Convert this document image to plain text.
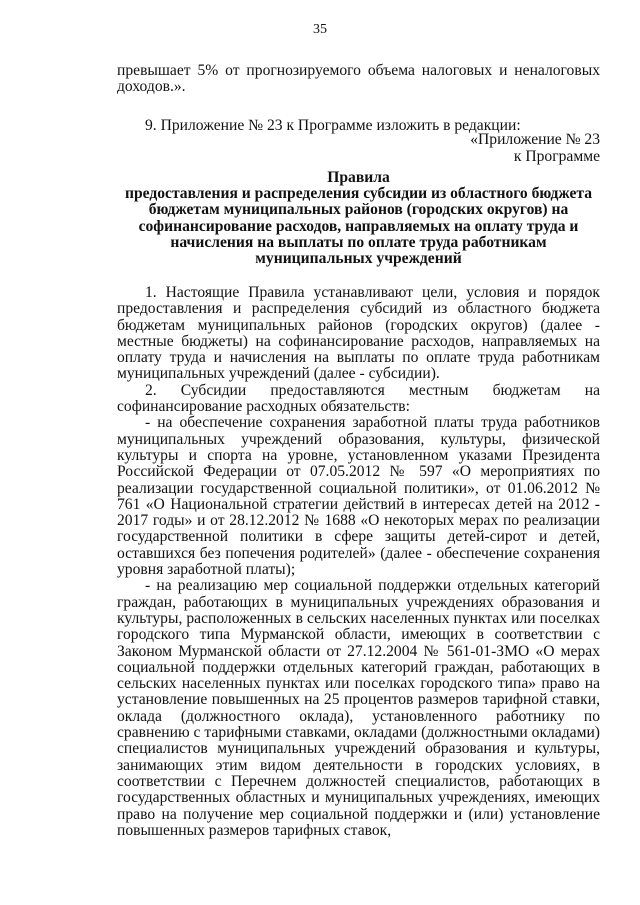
35

превышает 5% от прогнозируемого объема налоговых и неналоговых доходов.».

9. Приложение № 23 к Программе изложить в редакции:

«Приложение № 23
к Программе
Правила
предоставления и распределения субсидии из областного бюджета бюджетам муниципальных районов (городских округов) на софинансирование расходов, направляемых на оплату труда и начисления на выплаты по оплате труда работникам муниципальных учреждений

1. Настоящие Правила устанавливают цели, условия и порядок предоставления и распределения субсидий из областного бюджета бюджетам муниципальных районов (городских округов) (далее - местные бюджеты) на софинансирование расходов, направляемых на оплату труда и начисления на выплаты по оплате труда работникам муниципальных учреждений (далее - субсидии).

2. Субсидии предоставляются местным бюджетам на софинансирование расходных обязательств:

- на обеспечение сохранения заработной платы труда работников муниципальных учреждений образования, культуры, физической культуры и спорта на уровне, установленном указами Президента Российской Федерации от 07.05.2012 № 597 «О мероприятиях по реализации государственной социальной политики», от 01.06.2012 № 761 «О Национальной стратегии действий в интересах детей на 2012 - 2017 годы» и от 28.12.2012 № 1688 «О некоторых мерах по реализации государственной политики в сфере защиты детей-сирот и детей, оставшихся без попечения родителей» (далее - обеспечение сохранения уровня заработной платы);

- на реализацию мер социальной поддержки отдельных категорий граждан, работающих в муниципальных учреждениях образования и культуры, расположенных в сельских населенных пунктах или поселках городского типа Мурманской области, имеющих в соответствии с Законом Мурманской области от 27.12.2004 № 561-01-ЗМО «О мерах социальной поддержки отдельных категорий граждан, работающих в сельских населенных пунктах или поселках городского типа» право на установление повышенных на 25 процентов размеров тарифной ставки, оклада (должностного оклада), установленного работнику по сравнению с тарифными ставками, окладами (должностными окладами) специалистов муниципальных учреждений образования и культуры, занимающих этим видом деятельности в городских условиях, в соответствии с Перечнем должностей специалистов, работающих в государственных областных и муниципальных учреждениях, имеющих право на получение мер социальной поддержки и (или) установление повышенных размеров тарифных ставок,
